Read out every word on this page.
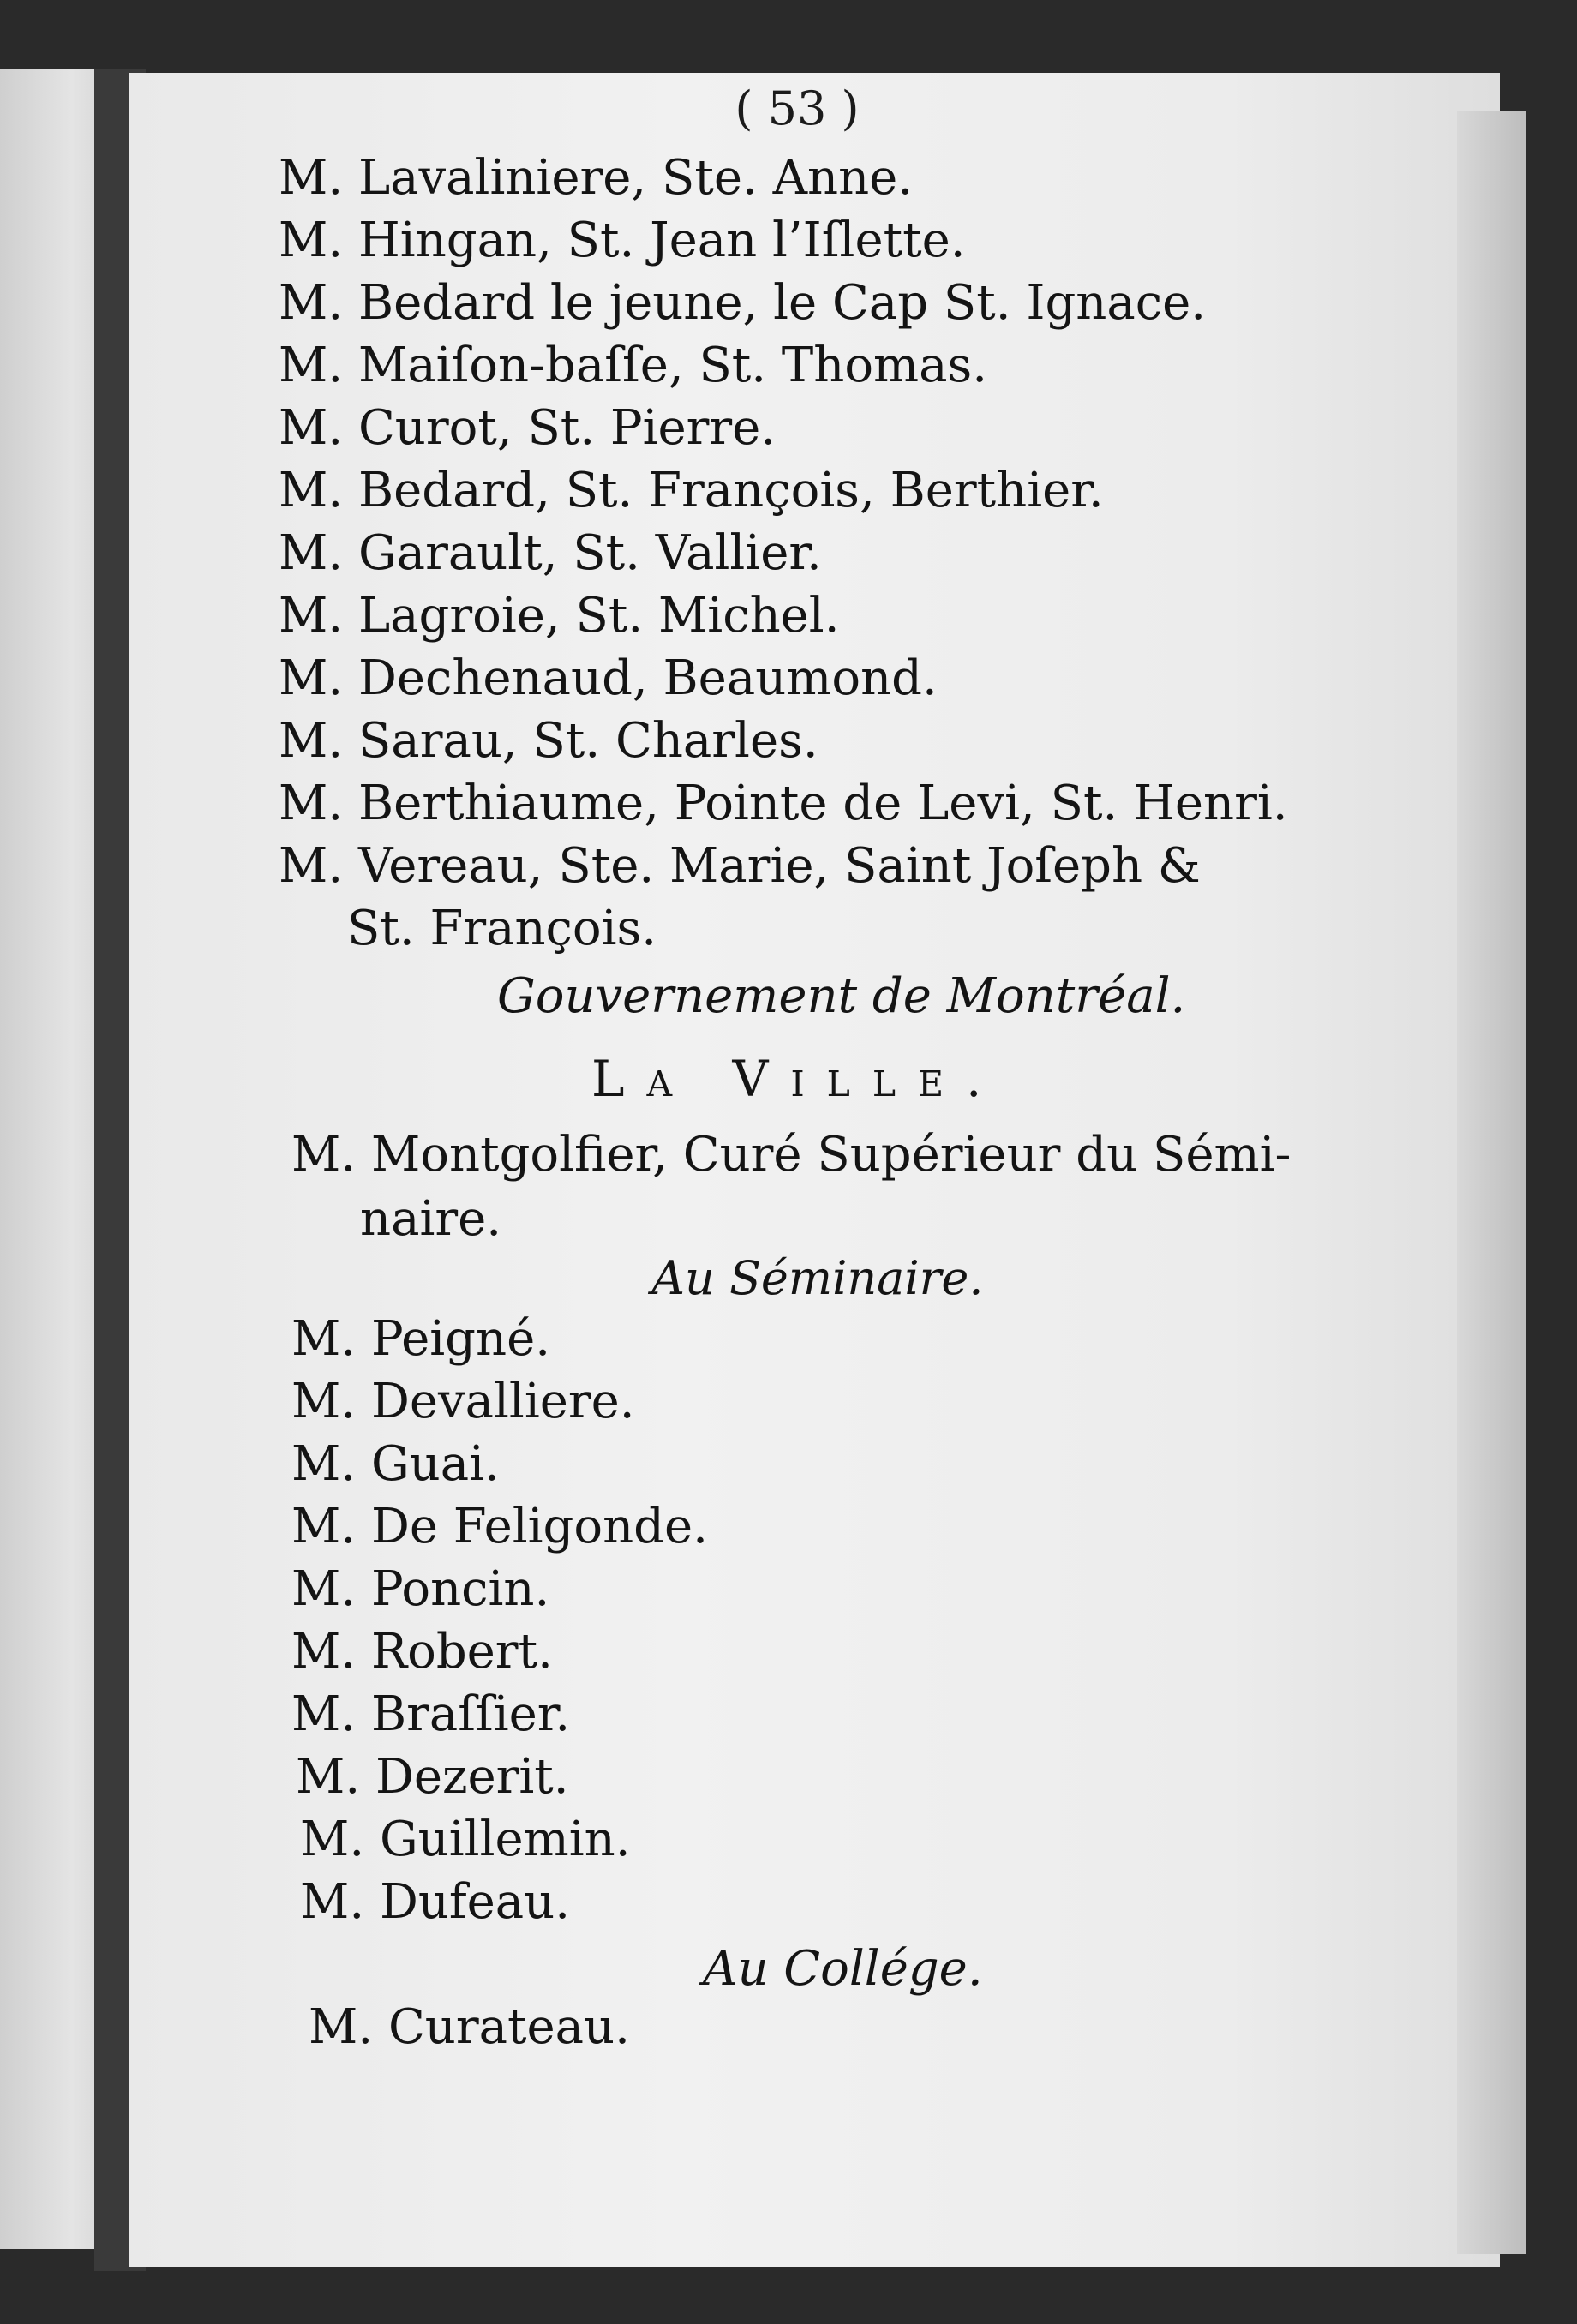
( 53 )
M. Lavaliniere, Ste. Anne.
M. Hingan, St. Jean l’Iſlette.
M. Bedard le jeune, le Cap St. Ignace.
M. Maiſon-baſſe, St. Thomas.
M. Curot, St. Pierre.
M. Bedard, St. François, Berthier.
M. Garault, St. Vallier.
M. Lagroie, St. Michel.
M. Dechenaud, Beaumond.
M. Sarau, St. Charles.
M. Berthiaume, Pointe de Levi, St. Henri.
M. Vereau, Ste. Marie, Saint Joſeph &
St. François.
Gouvernement de Montréal.
La Ville.
M. Montgolfier, Curé Supérieur du Sémi-
naire.
Au Séminaire.
M. Peigné.
M. Devalliere.
M. Guai.
M. De Feligonde.
M. Poncin.
M. Robert.
M. Braſſier.
M. Dezerit.
M. Guillemin.
M. Dufeau.
Au Collége.
M. Curateau.
